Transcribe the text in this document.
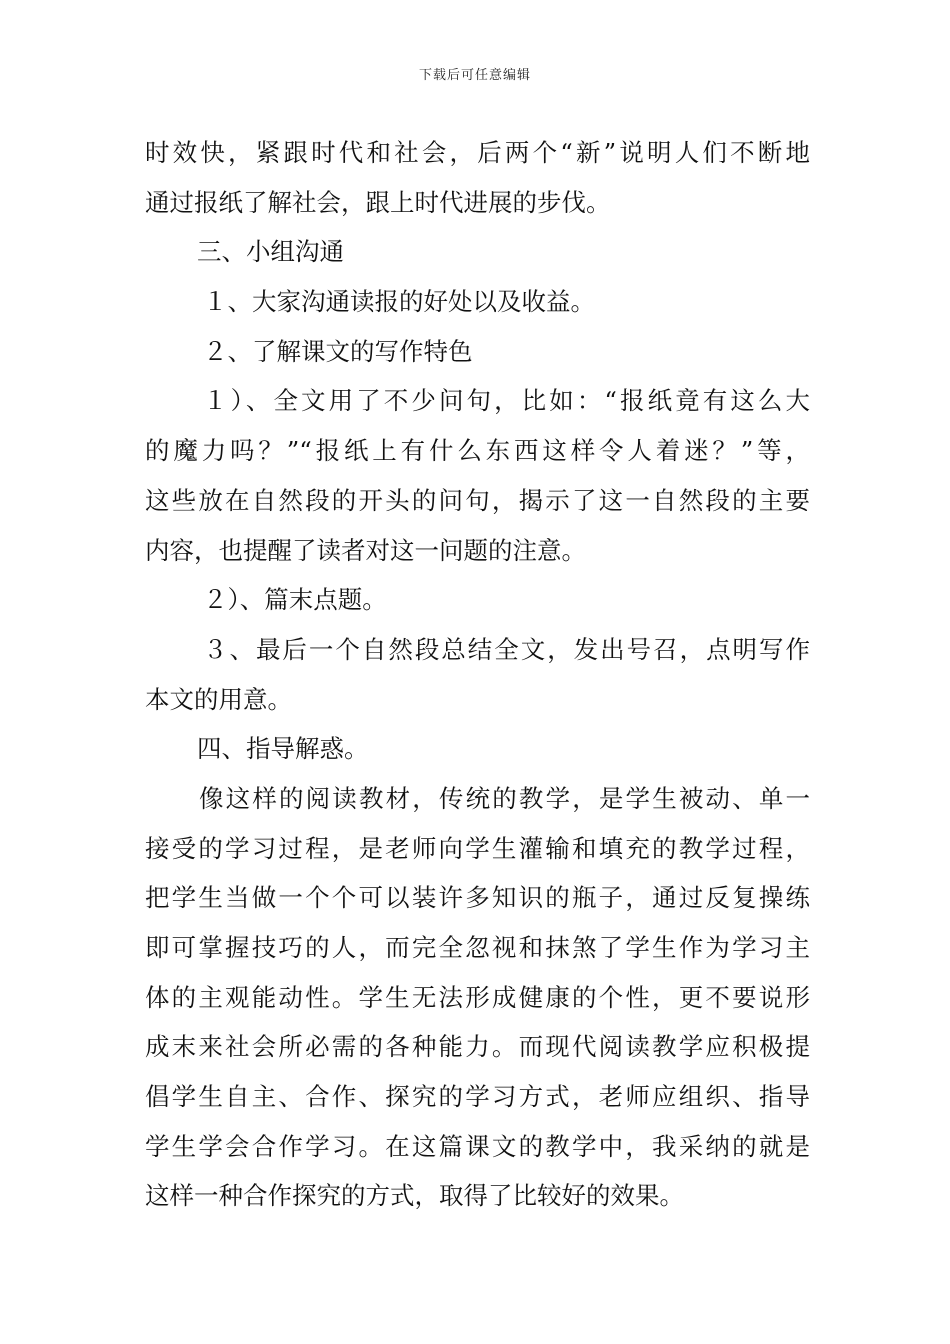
下载后可任意编辑
时效快，紧跟时代和社会，后两个“新”说明人们不断地
通过报纸了解社会，跟上时代进展的步伐。
三、小组沟通
１、大家沟通读报的好处以及收益。
２、了解课文的写作特色
１）、全文用了不少问句，比如：“报纸竟有这么大
的魔力吗？”“报纸上有什么东西这样令人着迷？”等，
这些放在自然段的开头的问句，揭示了这一自然段的主要
内容，也提醒了读者对这一问题的注意。
２）、篇末点题。
３、最后一个自然段总结全文，发出号召，点明写作
本文的用意。
四、指导解惑。
像这样的阅读教材，传统的教学，是学生被动、单一
接受的学习过程，是老师向学生灌输和填充的教学过程，
把学生当做一个个可以装许多知识的瓶子，通过反复操练
即可掌握技巧的人，而完全忽视和抹煞了学生作为学习主
体的主观能动性。学生无法形成健康的个性，更不要说形
成末来社会所必需的各种能力。而现代阅读教学应积极提
倡学生自主、合作、探究的学习方式，老师应组织、指导
学生学会合作学习。在这篇课文的教学中，我采纳的就是
这样一种合作探究的方式，取得了比较好的效果。
